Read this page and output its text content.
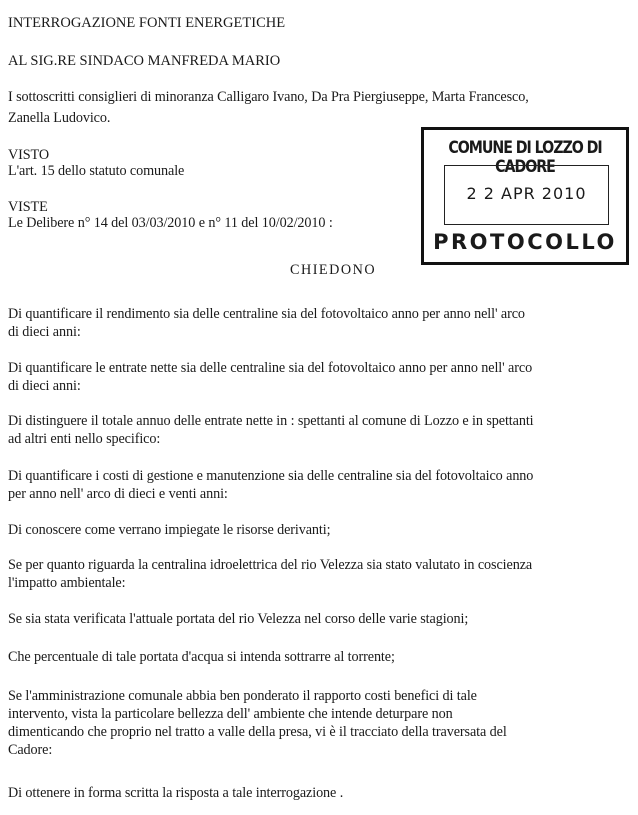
INTERROGAZIONE FONTI ENERGETICHE
AL SIG.RE SINDACO MANFREDA MARIO
I sottoscritti consiglieri di minoranza Calligaro Ivano, Da Pra Piergiuseppe, Marta Francesco,
Zanella Ludovico.
VISTO
L'art. 15 dello statuto comunale
VISTE
Le Delibere n° 14 del 03/03/2010 e n° 11 del 10/02/2010 :
COMUNE DI LOZZO DI CADORE
2 2 APR 2010
PROTOCOLLO
CHIEDONO
Di quantificare il rendimento sia delle centraline sia del fotovoltaico anno per anno nell' arco
di dieci anni:
Di quantificare le entrate nette sia delle centraline sia del fotovoltaico anno per anno nell' arco
di dieci anni:
Di distinguere il totale annuo delle entrate nette in : spettanti al comune di Lozzo e in spettanti
ad altri enti nello specifico:
Di quantificare i costi di gestione e manutenzione sia delle centraline sia del fotovoltaico anno
per anno nell' arco di dieci e venti anni:
Di conoscere come verrano impiegate le risorse derivanti;
Se per quanto riguarda la centralina idroelettrica del rio Velezza sia stato valutato in coscienza
l'impatto ambientale:
Se sia stata verificata l'attuale portata del rio Velezza nel corso delle varie stagioni;
Che percentuale di tale portata d'acqua si intenda sottrarre al torrente;
Se l'amministrazione comunale abbia ben ponderato il rapporto costi benefici di tale
intervento, vista la particolare bellezza dell' ambiente che intende deturpare non
dimenticando che proprio nel tratto a valle della presa, vi è il tracciato della traversata del
Cadore:
Di ottenere in forma scritta la risposta a tale interrogazione .
